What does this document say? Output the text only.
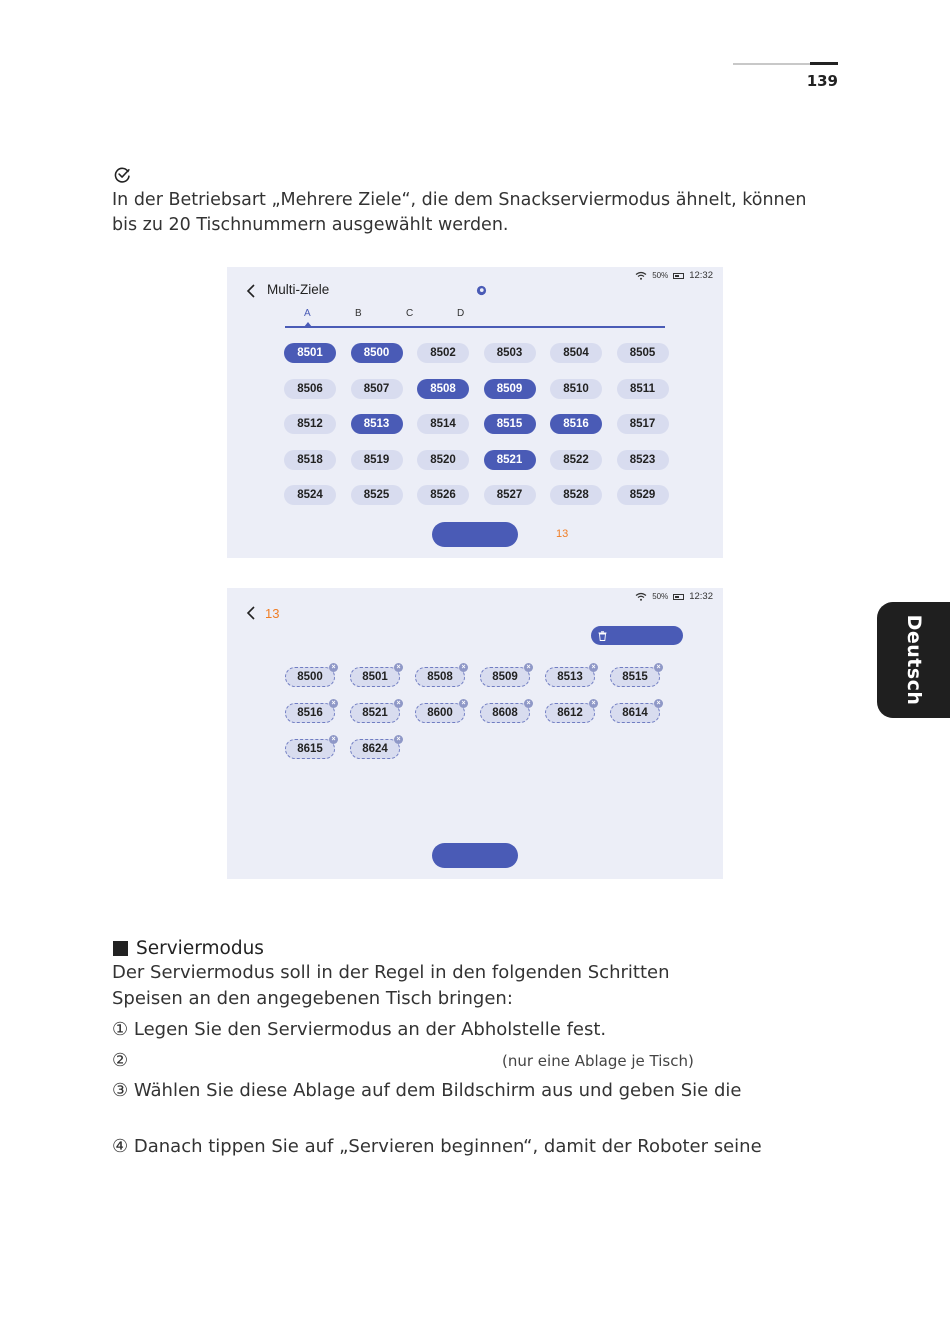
139

In der Betriebsart „Mehrere Ziele“, die dem Snackserviermodus ähnelt, können bis zu 20 Tischnummern ausgewählt werden.

50% 12:32
Multi-Ziele
A	B	C	D
8501	8500	8502	8503	8504	8505
8506	8507	8508	8509	8510	8511
8512	8513	8514	8515	8516	8517
8518	8519	8520	8521	8522	8523
8524	8525	8526	8527	8528	8529
13
50% 12:32
13
8500
×
8501
×
8508
×
8509
×
8513
×
8515
×
8516
×
8521
×
8600
×
8608
×
8612
×
8614
×
8615
×
8624
×
Deutsch
Serviermodus
Der Serviermodus soll in der Regel in den folgenden Schritten
Speisen an den angegebenen Tisch bringen:
① Legen Sie den Serviermodus an der Abholstelle fest.
②	(nur eine Ablage je Tisch)
③ Wählen Sie diese Ablage auf dem Bildschirm aus und geben Sie die
④ Danach tippen Sie auf „Servieren beginnen“, damit der Roboter seine
